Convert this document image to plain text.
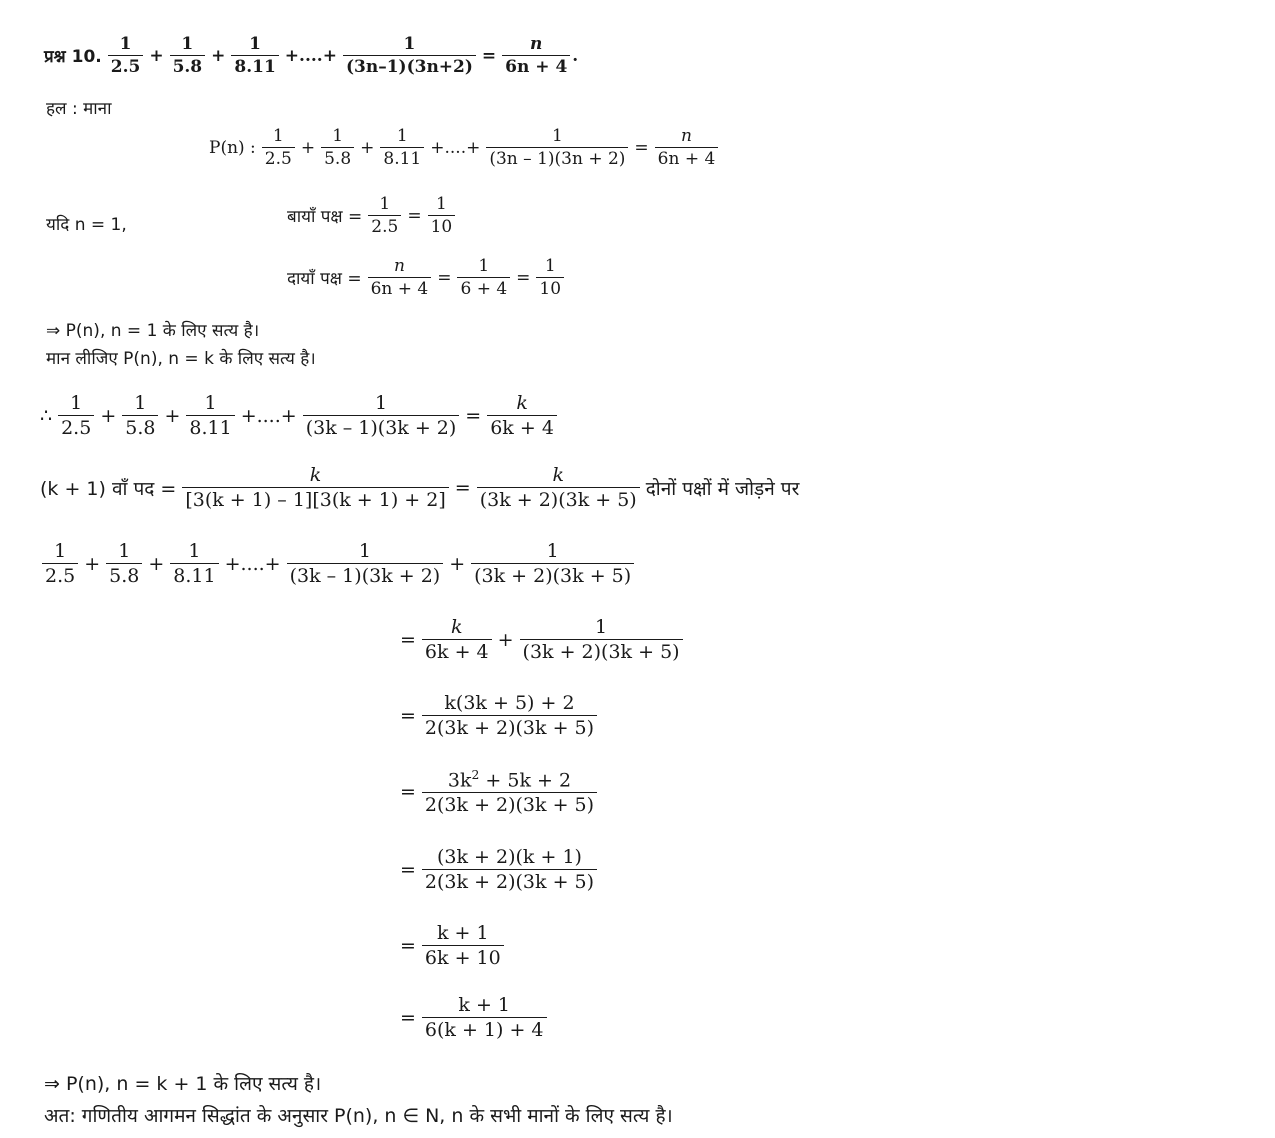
प्रश्न 10. $\frac{1}{2.5} + \frac{1}{5.8} + \frac{1}{8.11}$ +....+ $\frac{1}{(3n-1)(3n+2)} = \frac{n}{6n + 4}$ .
हल : माना
P(n) : $\frac{1}{2.5} + \frac{1}{5.8} + \frac{1}{8.11}$ +....+ $\frac{1}{(3n - 1)(3n + 2)} = \frac{n}{6n + 4}$
यदि n = 1,	बायाँ पक्ष = $\frac{1}{2.5} = \frac{1}{10}$
दायाँ पक्ष = $\frac{n}{6n + 4} = \frac{1}{6 + 4} = \frac{1}{10}$
⇒ P(n), n = 1 के लिए सत्य है।
मान लीजिए P(n), n = k के लिए सत्य है।
∴ $\frac{1}{2.5} + \frac{1}{5.8} + \frac{1}{8.11}$ +....+ $\frac{1}{(3k - 1)(3k + 2)} = \frac{k}{6k + 4}$
(k + 1) वाँ पद = $\frac{k}{[3(k + 1) - 1][3(k + 1) + 2]} = \frac{k}{(3k + 2)(3k + 5)}$ दोनों पक्षों में जोड़ने पर
$\frac{1}{2.5} + \frac{1}{5.8} + \frac{1}{8.11}$ +....+ $\frac{1}{(3k - 1)(3k + 2)} + \frac{1}{(3k + 2)(3k + 5)}$
= $\frac{k}{6k + 4} + \frac{1}{(3k + 2)(3k + 5)}$
= $\frac{k(3k + 5) + 2}{2(3k + 2)(3k + 5)}$
= $\frac{3k^2 + 5k + 2}{2(3k + 2)(3k + 5)}$
= $\frac{(3k + 2)(k + 1)}{2(3k + 2)(3k + 5)}$
= $\frac{k + 1}{6k + 10}$
= $\frac{k + 1}{6(k + 1) + 4}$
⇒ P(n), n = k + 1 के लिए सत्य है।
अत: गणितीय आगमन सिद्धांत के अनुसार P(n), n ∈ N, n के सभी मानों के लिए सत्य है।
